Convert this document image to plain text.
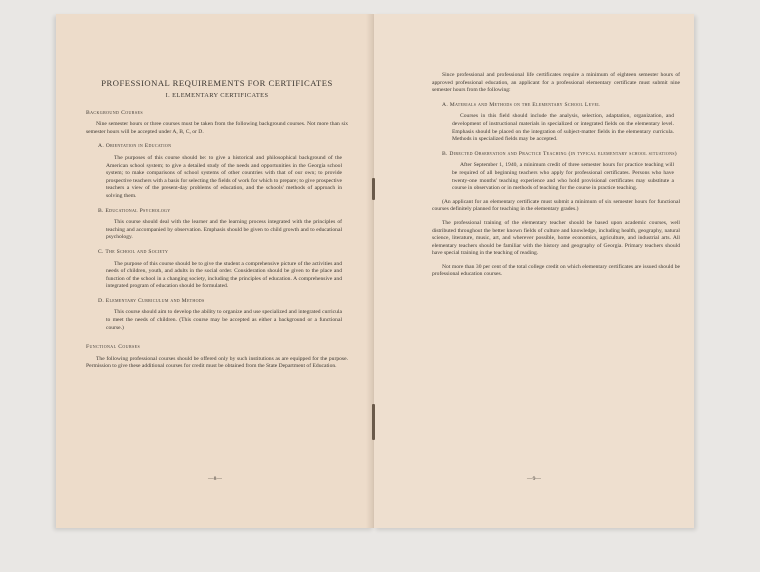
PROFESSIONAL REQUIREMENTS FOR CERTIFICATES

I. ELEMENTARY CERTIFICATES

Background Courses

Nine semester hours or three courses must be taken from the following background courses. Not more than six semester hours will be accepted under A, B, C, or D.

A. Orientation in Education

The purposes of this course should be: to give a historical and philosophical background of the American school system; to give a detailed study of the needs and opportunities in the Georgia school system; to make comparisons of school systems of other countries with that of our own; to provide prospective teachers with a basis for selecting the fields of work for which to prepare; to give prospective teachers a view of the present-day problems of education, and the schools' methods of approach in solving them.

B. Educational Psychology

This course should deal with the learner and the learning process integrated with the principles of teaching and accompanied by observation. Emphasis should be given to child growth and to educational psychology.

C. The School and Society

The purpose of this course should be to give the student a comprehensive picture of the activities and needs of children, youth, and adults in the social order. Consideration should be given to the place and function of the school in a changing society, including the principles of education. A comprehensive and integrated program of education should be formulated.

D. Elementary Curriculum and Methods

This course should aim to develop the ability to organize and use specialized and integrated curricula to meet the needs of children. (This course may be accepted as either a background or a functional course.)

Functional Courses

The following professional courses should be offered only by such institutions as are equipped for the purpose. Permission to give these additional courses for credit must be obtained from the State Department of Education.

—8—

Since professional and professional life certificates require a minimum of eighteen semester hours of approved professional education, an applicant for a professional elementary certificate must submit nine semester hours from the following:

A. Materials and Methods on the Elementary School Level

Courses in this field should include the analysis, selection, adaptation, organization, and development of instructional materials in specialized or integrated fields on the elementary level. Emphasis should be placed on the integration of subject-matter fields in the elementary curricula. Methods in specialized fields may be accepted.

B. Directed Observation and Practice Teaching (in typical elementary school situations)

After September 1, 1940, a minimum credit of three semester hours for practice teaching will be required of all beginning teachers who apply for professional certificates. Persons who have twenty-one months' teaching experience and who hold provisional certificates may substitute a course in observation or in methods of teaching for the course in practice teaching.

(An applicant for an elementary certificate must submit a minimum of six semester hours for functional courses definitely planned for teaching in the elementary grades.)

The professional training of the elementary teacher should be based upon academic courses, well distributed throughout the better known fields of culture and knowledge, including health, geography, natural science, literature, music, art, and wherever possible, home economics, agriculture, and industrial arts. All elementary teachers should be familiar with the history and geography of Georgia. Primary teachers should have special training in the teaching of reading.

Not more than 30 per cent of the total college credit on which elementary certificates are issued should be professional education courses.

—9—
